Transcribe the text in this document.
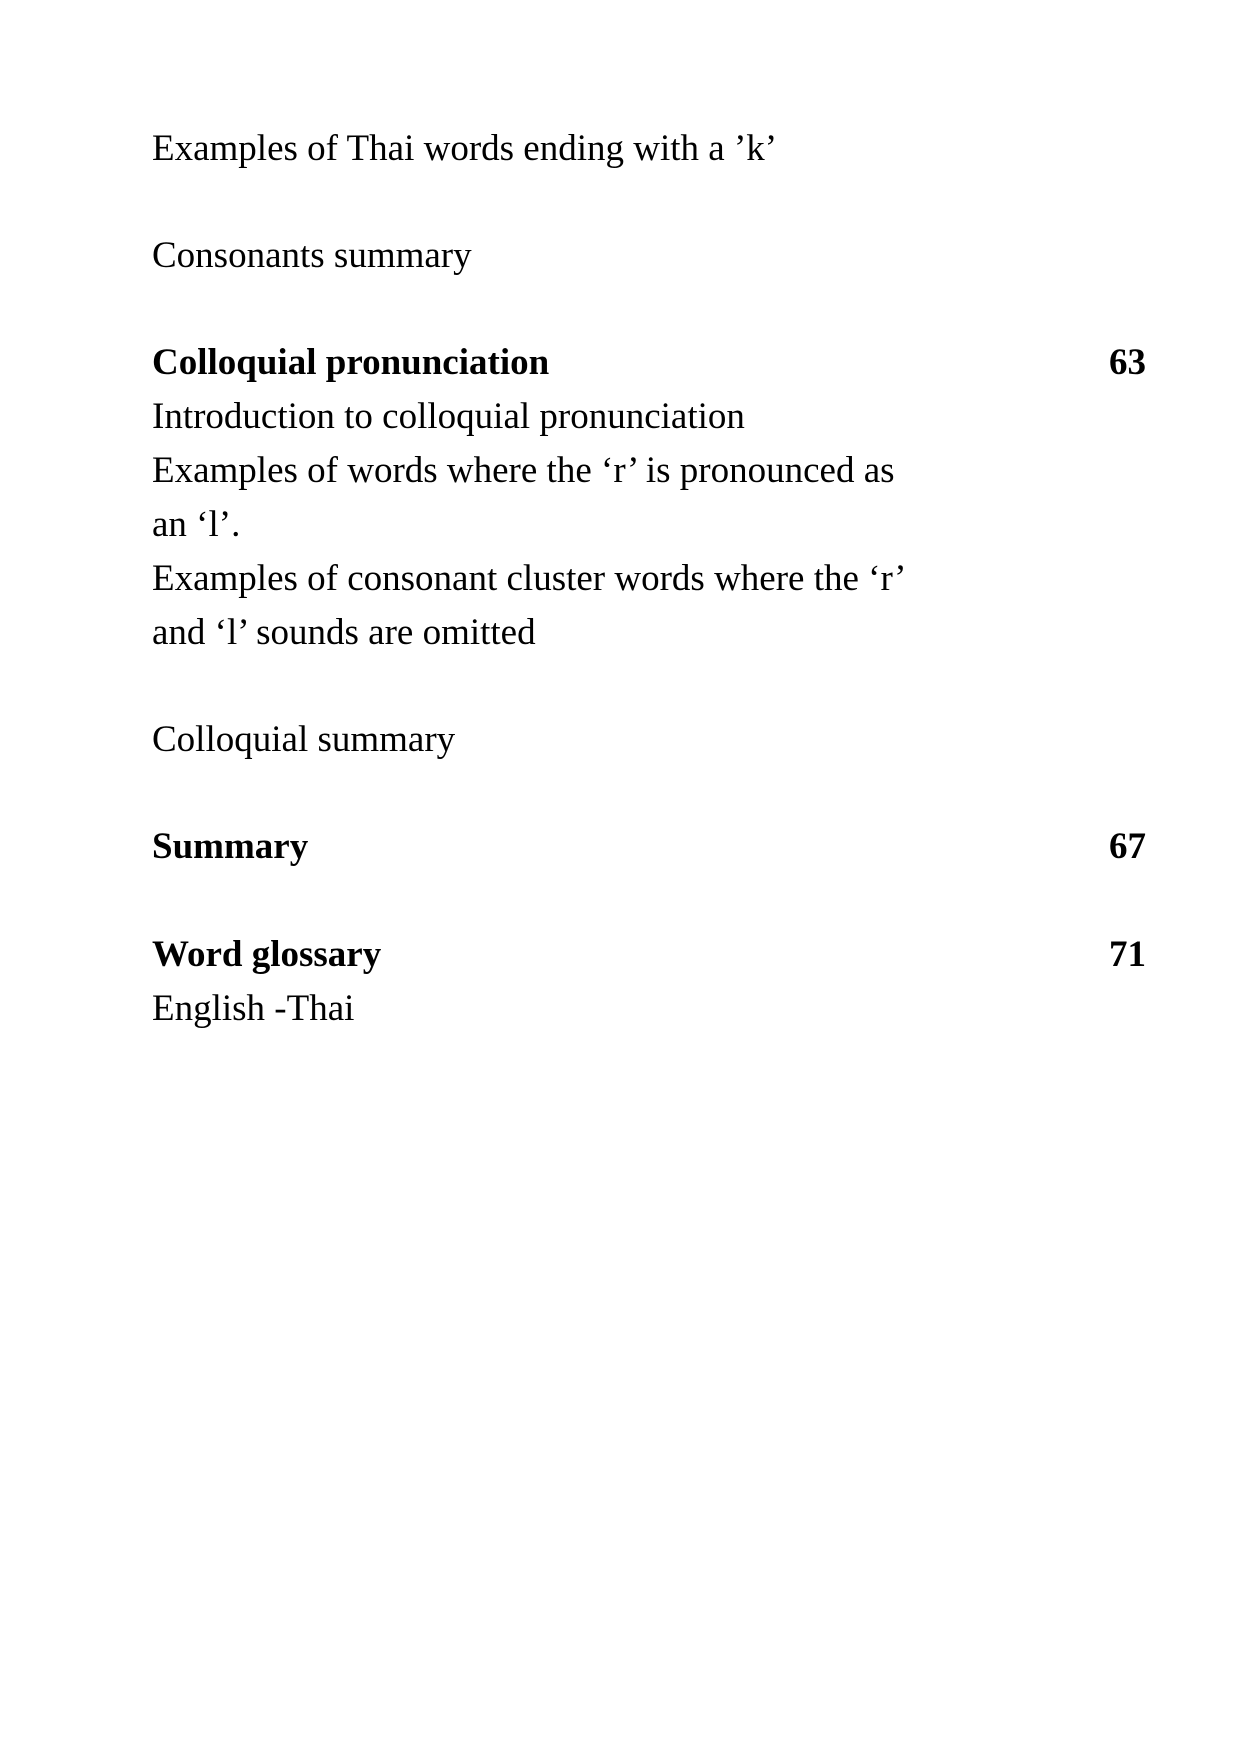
Examples of Thai words ending with a ’k’

Consonants summary

Colloquial pronunciation	63

Introduction to colloquial pronunciation

Examples of words where the ‘r’ is pronounced as

an ‘l’.

Examples of consonant cluster words where the ‘r’

and ‘l’ sounds are omitted

Colloquial summary

Summary	67

Word glossary	71

English -Thai
